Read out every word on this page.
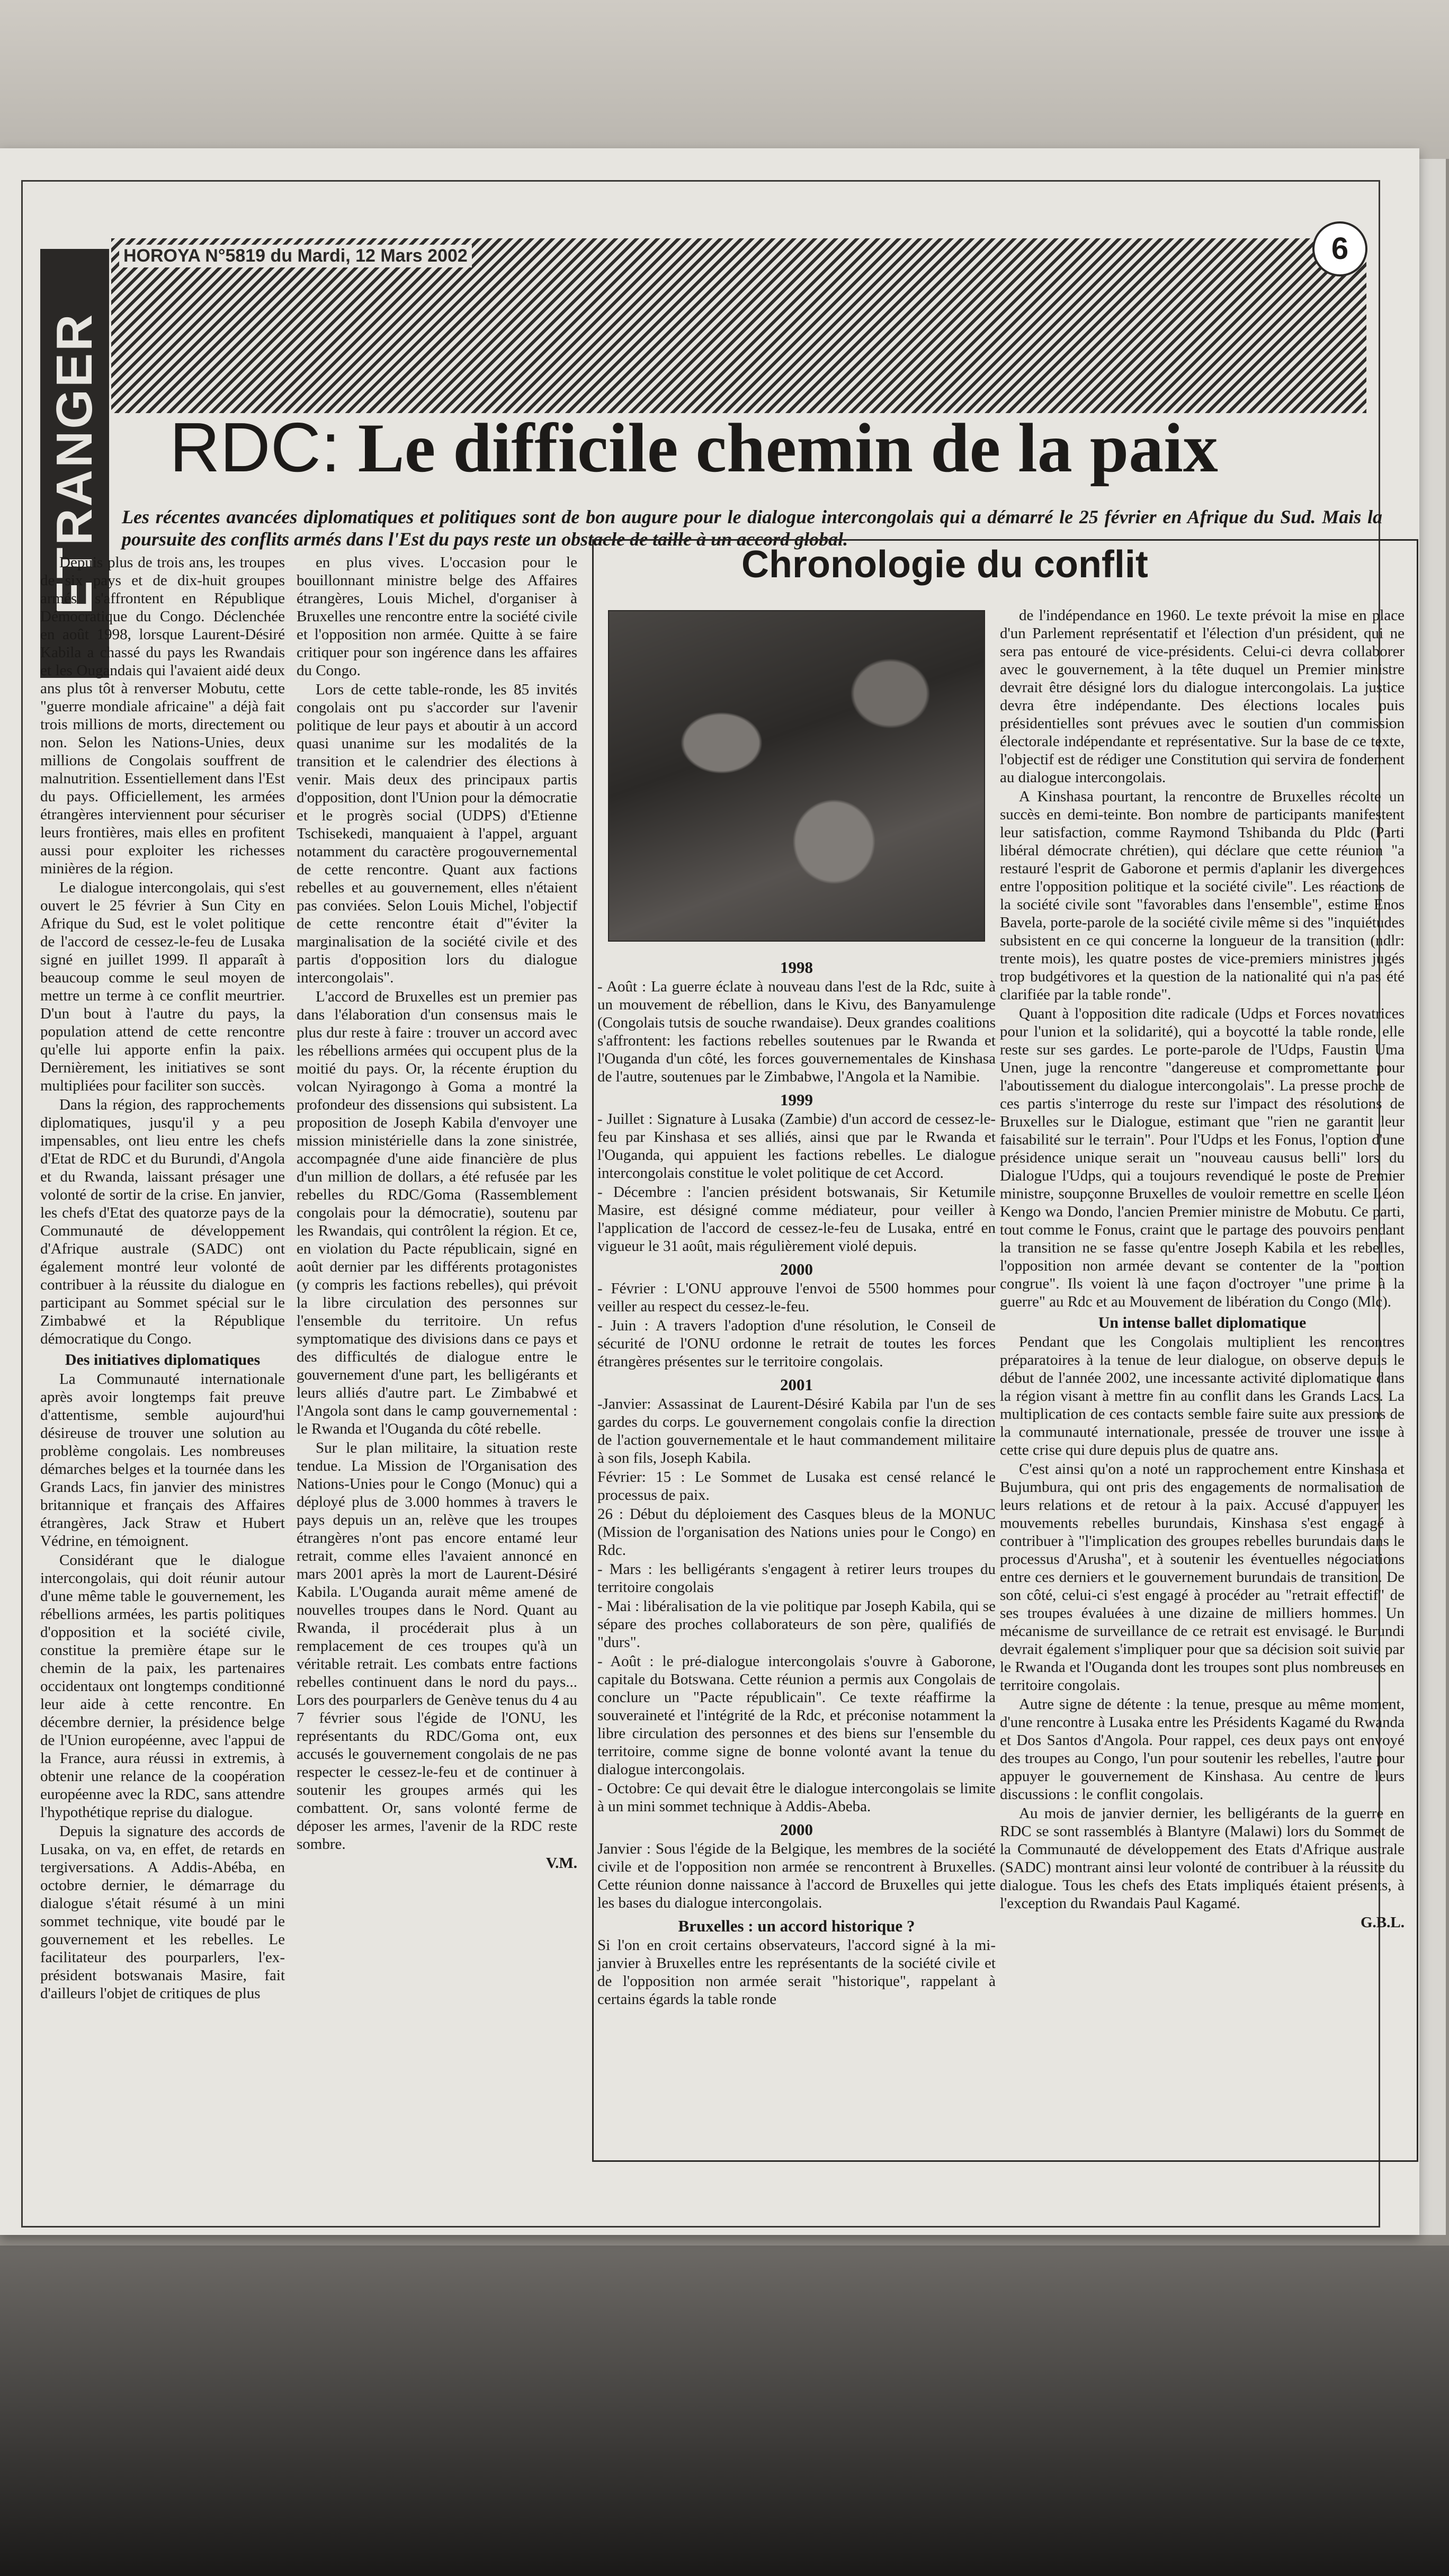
HOROYA N°5819 du Mardi, 12 Mars 2002	6
ETRANGER RDC: Le difficile chemin de la paix

Les récentes avancées diplomatiques et politiques sont de bon augure pour le dialogue intercongolais qui a démarré le 25 février en Afrique du Sud. Mais la poursuite des conflits armés dans l'Est du pays reste un obstacle de taille à un accord global.

Depuis plus de trois ans, les troupes de six pays et de dix-huit groupes armés s'affrontent en République Démocratique du Congo. Déclenchée en août 1998, lorsque Laurent-Désiré Kabila a chassé du pays les Rwandais et les Ougandais qui l'avaient aidé deux ans plus tôt à renverser Mobutu, cette "guerre mondiale africaine" a déjà fait trois millions de morts, directement ou non. Selon les Nations-Unies, deux millions de Congolais souffrent de malnutrition. Essentiellement dans l'Est du pays. Officiellement, les armées étrangères interviennent pour sécuriser leurs frontières, mais elles en profitent aussi pour exploiter les richesses minières de la région.

Le dialogue intercongolais, qui s'est ouvert le 25 février à Sun City en Afrique du Sud, est le volet politique de l'accord de cessez-le-feu de Lusaka signé en juillet 1999. Il apparaît à beaucoup comme le seul moyen de mettre un terme à ce conflit meurtrier. D'un bout à l'autre du pays, la population attend de cette rencontre qu'elle lui apporte enfin la paix. Dernièrement, les initiatives se sont multipliées pour faciliter son succès.

Dans la région, des rapprochements diplomatiques, jusqu'il y a peu impensables, ont lieu entre les chefs d'Etat de RDC et du Burundi, d'Angola et du Rwanda, laissant présager une volonté de sortir de la crise. En janvier, les chefs d'Etat des quatorze pays de la Communauté de développement d'Afrique australe (SADC) ont également montré leur volonté de contribuer à la réussite du dialogue en participant au Sommet spécial sur le Zimbabwé et la République démocratique du Congo.

Des initiatives diplomatiques

La Communauté internationale après avoir longtemps fait preuve d'attentisme, semble aujourd'hui désireuse de trouver une solution au problème congolais. Les nombreuses démarches belges et la tournée dans les Grands Lacs, fin janvier des ministres britannique et français des Affaires étrangères, Jack Straw et Hubert Védrine, en témoignent.

Considérant que le dialogue intercongolais, qui doit réunir autour d'une même table le gouvernement, les rébellions armées, les partis politiques d'opposition et la société civile, constitue la première étape sur le chemin de la paix, les partenaires occidentaux ont longtemps conditionné leur aide à cette rencontre. En décembre dernier, la présidence belge de l'Union européenne, avec l'appui de la France, aura réussi in extremis, à obtenir une relance de la coopération européenne avec la RDC, sans attendre l'hypothétique reprise du dialogue.

Depuis la signature des accords de Lusaka, on va, en effet, de retards en tergiversations. A Addis-Abéba, en octobre dernier, le démarrage du dialogue s'était résumé à un mini sommet technique, vite boudé par le gouvernement et les rebelles. Le facilitateur des pourparlers, l'ex-président botswanais Masire, fait d'ailleurs l'objet de critiques de plus

en plus vives. L'occasion pour le bouillonnant ministre belge des Affaires étrangères, Louis Michel, d'organiser à Bruxelles une rencontre entre la société civile et l'opposition non armée. Quitte à se faire critiquer pour son ingérence dans les affaires du Congo.

Lors de cette table-ronde, les 85 invités congolais ont pu s'accorder sur l'avenir politique de leur pays et aboutir à un accord quasi unanime sur les modalités de la transition et le calendrier des élections à venir. Mais deux des principaux partis d'opposition, dont l'Union pour la démocratie et le progrès social (UDPS) d'Etienne Tschisekedi, manquaient à l'appel, arguant notamment du caractère progouvernemental de cette rencontre. Quant aux factions rebelles et au gouvernement, elles n'étaient pas conviées. Selon Louis Michel, l'objectif de cette rencontre était d'"éviter la marginalisation de la société civile et des partis d'opposition lors du dialogue intercongolais".

L'accord de Bruxelles est un premier pas dans l'élaboration d'un consensus mais le plus dur reste à faire : trouver un accord avec les rébellions armées qui occupent plus de la moitié du pays. Or, la récente éruption du volcan Nyiragongo à Goma a montré la profondeur des dissensions qui subsistent. La proposition de Joseph Kabila d'envoyer une mission ministérielle dans la zone sinistrée, accompagnée d'une aide financière de plus d'un million de dollars, a été refusée par les rebelles du RDC/Goma (Rassemblement congolais pour la démocratie), soutenu par les Rwandais, qui contrôlent la région. Et ce, en violation du Pacte républicain, signé en août dernier par les différents protagonistes (y compris les factions rebelles), qui prévoit la libre circulation des personnes sur l'ensemble du territoire. Un refus symptomatique des divisions dans ce pays et des difficultés de dialogue entre le gouvernement d'une part, les belligérants et leurs alliés d'autre part. Le Zimbabwé et l'Angola sont dans le camp gouvernemental : le Rwanda et l'Ouganda du côté rebelle.

Sur le plan militaire, la situation reste tendue. La Mission de l'Organisation des Nations-Unies pour le Congo (Monuc) qui a déployé plus de 3.000 hommes à travers le pays depuis un an, relève que les troupes étrangères n'ont pas encore entamé leur retrait, comme elles l'avaient annoncé en mars 2001 après la mort de Laurent-Désiré Kabila. L'Ouganda aurait même amené de nouvelles troupes dans le Nord. Quant au Rwanda, il procéderait plus à un remplacement de ces troupes qu'à un véritable retrait. Les combats entre factions rebelles continuent dans le nord du pays... Lors des pourparlers de Genève tenus du 4 au 7 février sous l'égide de l'ONU, les représentants du RDC/Goma ont, eux accusés le gouvernement congolais de ne pas respecter le cessez-le-feu et de continuer à soutenir les groupes armés qui les combattent. Or, sans volonté ferme de déposer les armes, l'avenir de la RDC reste sombre.

V.M.

Chronologie du conflit
1998

- Août : La guerre éclate à nouveau dans l'est de la Rdc, suite à un mouvement de rébellion, dans le Kivu, des Banyamulenge (Congolais tutsis de souche rwandaise). Deux grandes coalitions s'affrontent: les factions rebelles soutenues par le Rwanda et l'Ouganda d'un côté, les forces gouvernementales de Kinshasa de l'autre, soutenues par le Zimbabwe, l'Angola et la Namibie.

1999

- Juillet : Signature à Lusaka (Zambie) d'un accord de cessez-le-feu par Kinshasa et ses alliés, ainsi que par le Rwanda et l'Ouganda, qui appuient les factions rebelles. Le dialogue intercongolais constitue le volet politique de cet Accord.

- Décembre : l'ancien président botswanais, Sir Ketumile Masire, est désigné comme médiateur, pour veiller à l'application de l'accord de cessez-le-feu de Lusaka, entré en vigueur le 31 août, mais régulièrement violé depuis.

2000

- Février : L'ONU approuve l'envoi de 5500 hommes pour veiller au respect du cessez-le-feu.

- Juin : A travers l'adoption d'une résolution, le Conseil de sécurité de l'ONU ordonne le retrait de toutes les forces étrangères présentes sur le territoire congolais.

2001

-Janvier: Assassinat de Laurent-Désiré Kabila par l'un de ses gardes du corps. Le gouvernement congolais confie la direction de l'action gouvernementale et le haut commandement militaire à son fils, Joseph Kabila.

Février: 15 : Le Sommet de Lusaka est censé relancé le processus de paix.

26 : Début du déploiement des Casques bleus de la MONUC (Mission de l'organisation des Nations unies pour le Congo) en Rdc.

- Mars : les belligérants s'engagent à retirer leurs troupes du territoire congolais

- Mai : libéralisation de la vie politique par Joseph Kabila, qui se sépare des proches collaborateurs de son père, qualifiés de "durs".

- Août : le pré-dialogue intercongolais s'ouvre à Gaborone, capitale du Botswana. Cette réunion a permis aux Congolais de conclure un "Pacte républicain". Ce texte réaffirme la souveraineté et l'intégrité de la Rdc, et préconise notamment la libre circulation des personnes et des biens sur l'ensemble du territoire, comme signe de bonne volonté avant la tenue du dialogue intercongolais.

- Octobre: Ce qui devait être le dialogue intercongolais se limite à un mini sommet technique à Addis-Abeba.

2000

Janvier : Sous l'égide de la Belgique, les membres de la société civile et de l'opposition non armée se rencontrent à Bruxelles. Cette réunion donne naissance à l'accord de Bruxelles qui jette les bases du dialogue intercongolais.

Bruxelles : un accord historique ?

Si l'on en croit certains observateurs, l'accord signé à la mi-janvier à Bruxelles entre les représentants de la société civile et de l'opposition non armée serait "historique", rappelant à certains égards la table ronde

de l'indépendance en 1960. Le texte prévoit la mise en place d'un Parlement représentatif et l'élection d'un président, qui ne sera pas entouré de vice-présidents. Celui-ci devra collaborer avec le gouvernement, à la tête duquel un Premier ministre devrait être désigné lors du dialogue intercongolais. La justice devra être indépendante. Des élections locales puis présidentielles sont prévues avec le soutien d'un commission électorale indépendante et représentative. Sur la base de ce texte, l'objectif est de rédiger une Constitution qui servira de fondement au dialogue intercongolais.

A Kinshasa pourtant, la rencontre de Bruxelles récolte un succès en demi-teinte. Bon nombre de participants manifestent leur satisfaction, comme Raymond Tshibanda du Pldc (Parti libéral démocrate chrétien), qui déclare que cette réunion "a restauré l'esprit de Gaborone et permis d'aplanir les divergences entre l'opposition politique et la société civile". Les réactions de la société civile sont "favorables dans l'ensemble", estime Enos Bavela, porte-parole de la société civile même si des "inquiétudes subsistent en ce qui concerne la longueur de la transition (ndlr: trente mois), les quatre postes de vice-premiers ministres jugés trop budgétivores et la question de la nationalité qui n'a pas été clarifiée par la table ronde".

Quant à l'opposition dite radicale (Udps et Forces novatrices pour l'union et la solidarité), qui a boycotté la table ronde, elle reste sur ses gardes. Le porte-parole de l'Udps, Faustin Uma Unen, juge la rencontre "dangereuse et compromettante pour l'aboutissement du dialogue intercongolais". La presse proche de ces partis s'interroge du reste sur l'impact des résolutions de Bruxelles sur le Dialogue, estimant que "rien ne garantit leur faisabilité sur le terrain". Pour l'Udps et les Fonus, l'option d'une présidence unique serait un "nouveau causus belli" lors du Dialogue l'Udps, qui a toujours revendiqué le poste de Premier ministre, soupçonne Bruxelles de vouloir remettre en scelle Léon Kengo wa Dondo, l'ancien Premier ministre de Mobutu. Ce parti, tout comme le Fonus, craint que le partage des pouvoirs pendant la transition ne se fasse qu'entre Joseph Kabila et les rebelles, l'opposition non armée devant se contenter de la "portion congrue". Ils voient là une façon d'octroyer "une prime à la guerre" au Rdc et au Mouvement de libération du Congo (Mlc).

Un intense ballet diplomatique

Pendant que les Congolais multiplient les rencontres préparatoires à la tenue de leur dialogue, on observe depuis le début de l'année 2002, une incessante activité diplomatique dans la région visant à mettre fin au conflit dans les Grands Lacs. La multiplication de ces contacts semble faire suite aux pressions de la communauté internationale, pressée de trouver une issue à cette crise qui dure depuis plus de quatre ans.

C'est ainsi qu'on a noté un rapprochement entre Kinshasa et Bujumbura, qui ont pris des engagements de normalisation de leurs relations et de retour à la paix. Accusé d'appuyer les mouvements rebelles burundais, Kinshasa s'est engagé à contribuer à "l'implication des groupes rebelles burundais dans le processus d'Arusha", et à soutenir les éventuelles négociations entre ces derniers et le gouvernement burundais de transition. De son côté, celui-ci s'est engagé à procéder au "retrait effectif" de ses troupes évaluées à une dizaine de milliers hommes. Un mécanisme de surveillance de ce retrait est envisagé. le Burundi devrait également s'impliquer pour que sa décision soit suivie par le Rwanda et l'Ouganda dont les troupes sont plus nombreuses en territoire congolais.

Autre signe de détente : la tenue, presque au même moment, d'une rencontre à Lusaka entre les Présidents Kagamé du Rwanda et Dos Santos d'Angola. Pour rappel, ces deux pays ont envoyé des troupes au Congo, l'un pour soutenir les rebelles, l'autre pour appuyer le gouvernement de Kinshasa. Au centre de leurs discussions : le conflit congolais.

Au mois de janvier dernier, les belligérants de la guerre en RDC se sont rassemblés à Blantyre (Malawi) lors du Sommet de la Communauté de développement des Etats d'Afrique australe (SADC) montrant ainsi leur volonté de contribuer à la réussite du dialogue. Tous les chefs des Etats impliqués étaient présents, à l'exception du Rwandais Paul Kagamé.

G.B.L.
